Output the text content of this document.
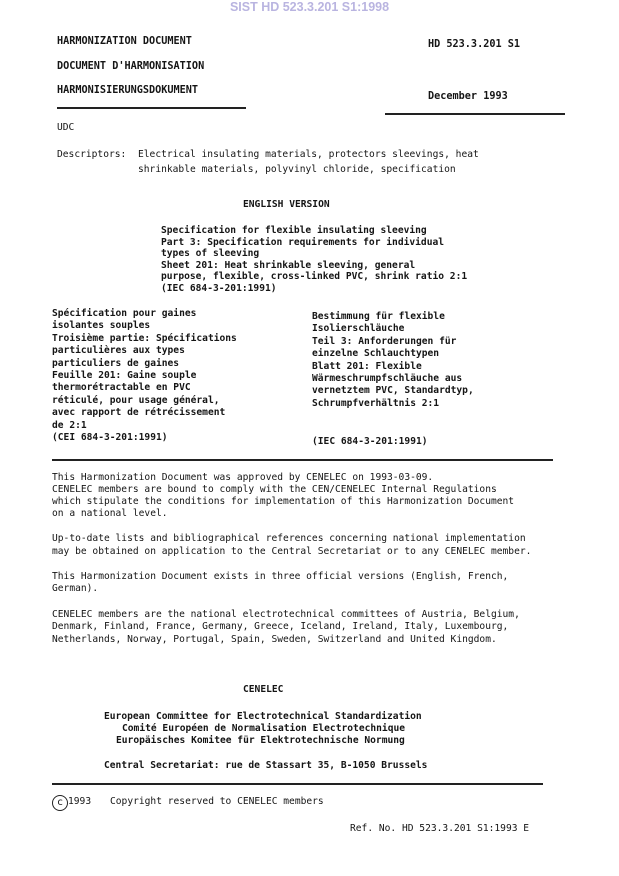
SIST HD 523.3.201 S1:1998
HARMONIZATION DOCUMENT
DOCUMENT D'HARMONISATION
HARMONISIERUNGSDOKUMENT
HD 523.3.201 S1
December 1993
UDC
Descriptors: Electrical insulating materials, protectors sleevings, heat
shrinkable materials, polyvinyl chloride, specification
ENGLISH VERSION
Specification for flexible insulating sleeving
Part 3: Specification requirements for individual
types of sleeving
Sheet 201: Heat shrinkable sleeving, general
purpose, flexible, cross-linked PVC, shrink ratio 2:1
(IEC 684-3-201:1991)
Spécification pour gaines
isolantes souples
Troisième partie: Spécifications
particulières aux types
particuliers de gaines
Feuille 201: Gaine souple
thermorétractable en PVC
réticulé, pour usage général,
avec rapport de rétrécissement
de 2:1
(CEI 684-3-201:1991)
Bestimmung für flexible
Isolierschläuche
Teil 3: Anforderungen für
einzelne Schlauchtypen
Blatt 201: Flexible
Wärmeschrumpfschläuche aus
vernetztem PVC, Standardtyp,
Schrumpfverhältnis 2:1
(IEC 684-3-201:1991)
This Harmonization Document was approved by CENELEC on 1993-03-09.
CENELEC members are bound to comply with the CEN/CENELEC Internal Regulations
which stipulate the conditions for implementation of this Harmonization Document
on a national level.
Up-to-date lists and bibliographical references concerning national implementation
may be obtained on application to the Central Secretariat or to any CENELEC member.
This Harmonization Document exists in three official versions (English, French,
German).
CENELEC members are the national electrotechnical committees of Austria, Belgium,
Denmark, Finland, France, Germany, Greece, Iceland, Ireland, Italy, Luxembourg,
Netherlands, Norway, Portugal, Spain, Sweden, Switzerland and United Kingdom.
CENELEC
European Committee for Electrotechnical Standardization
Comité Européen de Normalisation Electrotechnique
Europäisches Komitee für Elektrotechnische Normung
Central Secretariat: rue de Stassart 35, B-1050 Brussels
c 1993 Copyright reserved to CENELEC members
Ref. No. HD 523.3.201 S1:1993 E
